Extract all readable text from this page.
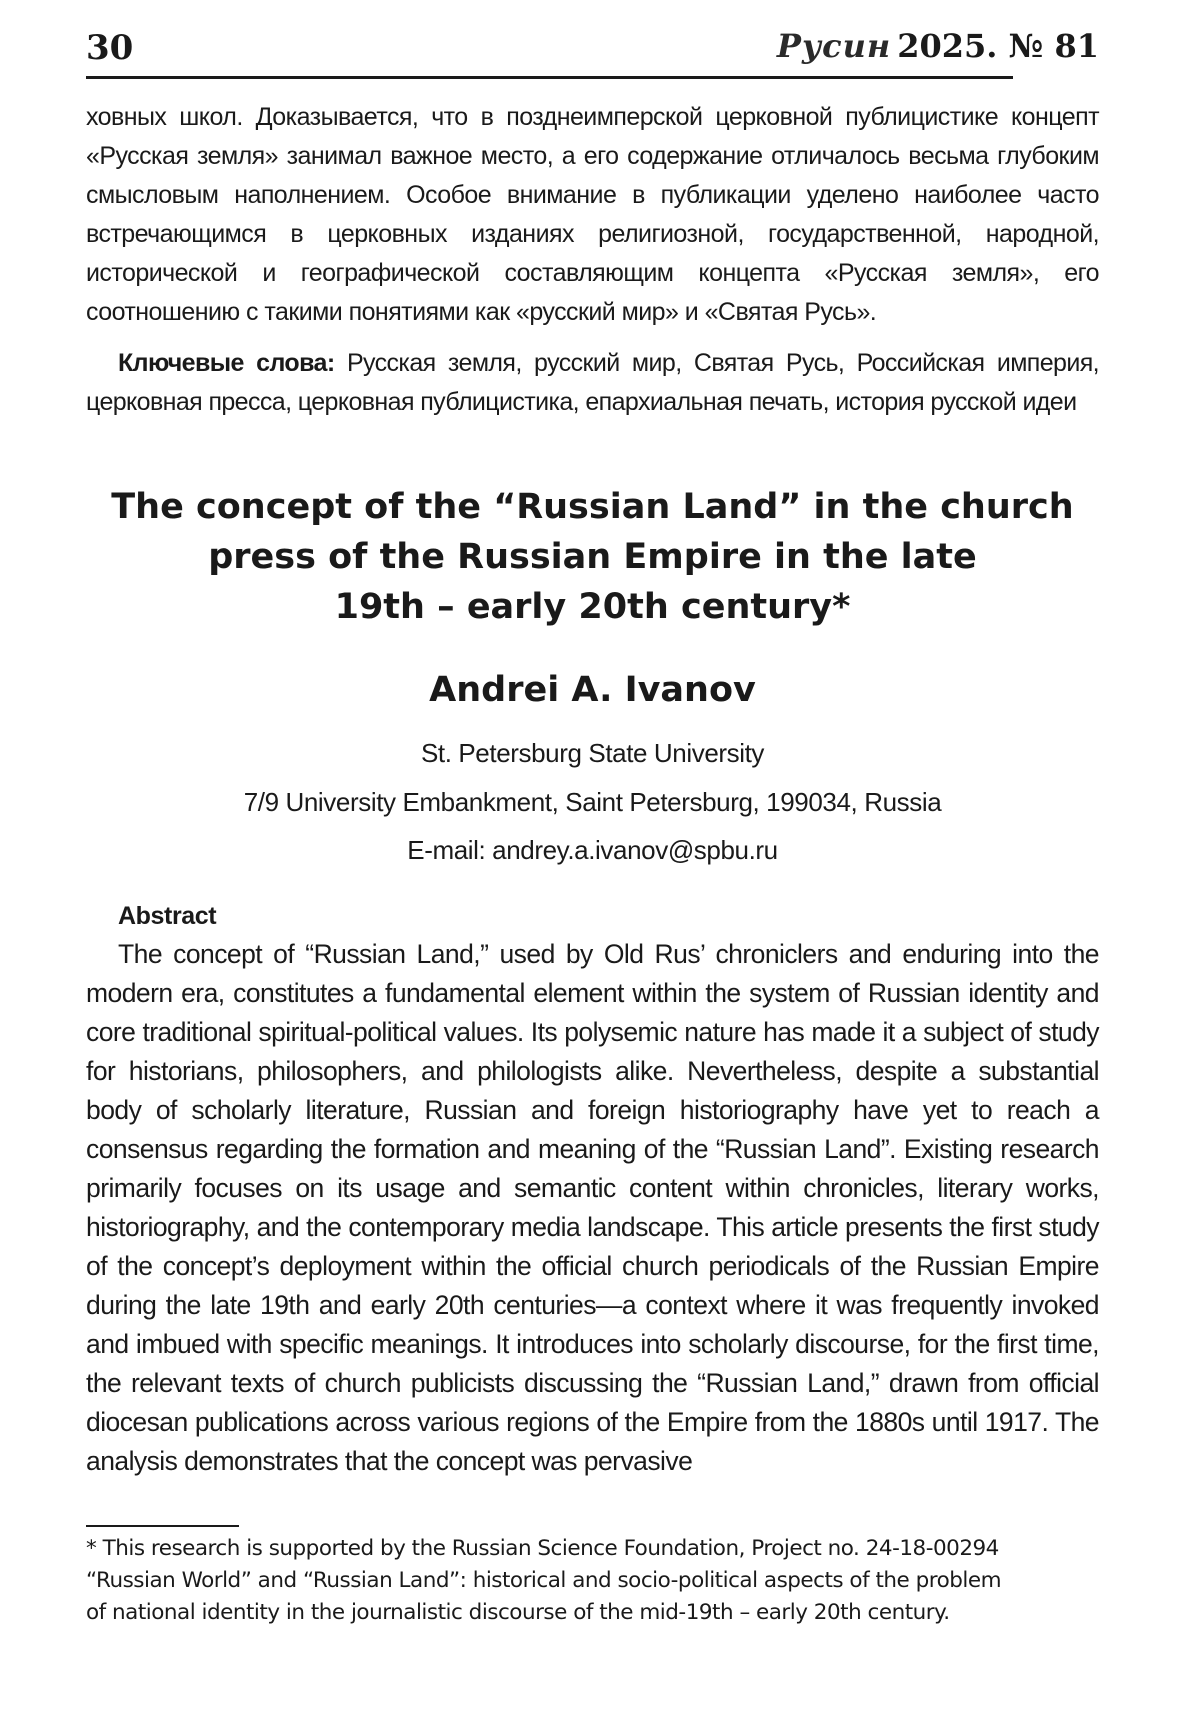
30	Русин 2025. № 81

ховных школ. Доказывается, что в позднеимперской церковной публицистике концепт «Русская земля» занимал важное место, а его содержание отличалось весьма глубоким смысловым наполнением. Особое внимание в публикации уделено наиболее часто встречающимся в церковных изданиях религиозной, государственной, народной, исторической и географической составляющим концепта «Русская земля», его соотношению с такими понятиями как «русский мир» и «Святая Русь».

Ключевые слова: Русская земля, русский мир, Святая Русь, Российская империя, церковная пресса, церковная публицистика, епархиальная печать, история русской идеи

The concept of the “Russian Land” in the church
press of the Russian Empire in the late
19th – early 20th century*
Andrei A. Ivanov

St. Petersburg State University

7/9 University Embankment, Saint Petersburg, 199034, Russia

E-mail: andrey.a.ivanov@spbu.ru

Abstract

The concept of “Russian Land,” used by Old Rus’ chroniclers and enduring into the modern era, constitutes a fundamental element within the system of Russian identity and core traditional spiritual-political values. Its polysemic nature has made it a subject of study for historians, philosophers, and philologists alike. Nevertheless, despite a substantial body of scholarly literature, Russian and foreign historiography have yet to reach a consensus regarding the formation and meaning of the “Russian Land”. Existing research primarily focuses on its usage and semantic content within chronicles, literary works, historiography, and the contemporary media landscape. This article presents the first study of the concept’s deployment within the official church periodicals of the Russian Empire during the late 19th and early 20th centuries—a context where it was frequently invoked and imbued with specific meanings. It introduces into scholarly discourse, for the first time, the relevant texts of church publicists discussing the “Russian Land,” drawn from official diocesan publications across various regions of the Empire from the 1880s until 1917. The analysis demonstrates that the concept was pervasive

* This research is supported by the Russian Science Foundation, Project no. 24-18-00294
“Russian World” and “Russian Land”: historical and socio-political aspects of the problem
of national identity in the journalistic discourse of the mid-19th – early 20th century.
